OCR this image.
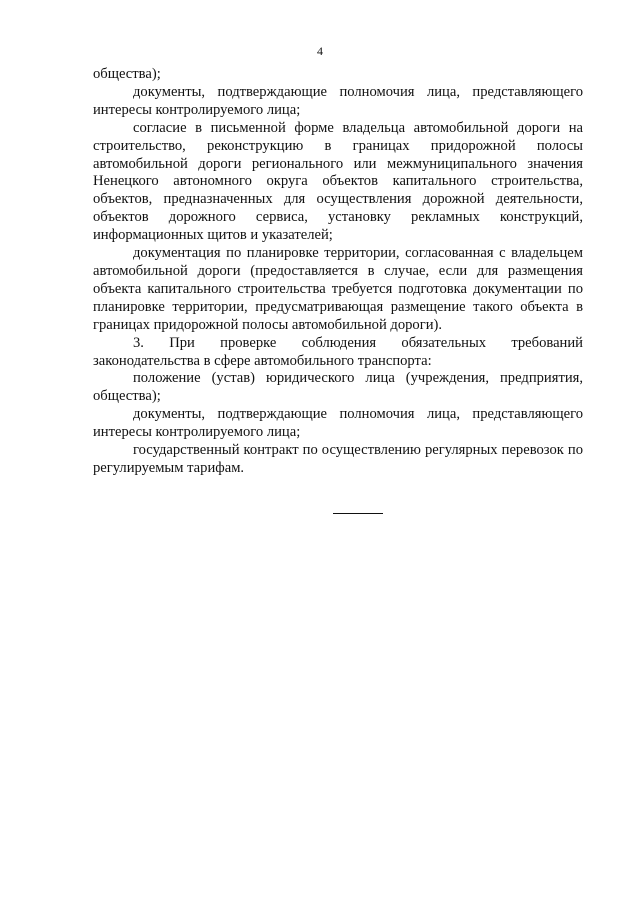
4

общества);

документы, подтверждающие полномочия лица, представляющего интересы контролируемого лица;

согласие в письменной форме владельца автомобильной дороги на строительство, реконструкцию в границах придорожной полосы автомобильной дороги регионального или межмуниципального значения Ненецкого автономного округа объектов капитального строительства, объектов, предназначенных для осуществления дорожной деятельности, объектов дорожного сервиса, установку рекламных конструкций, информационных щитов и указателей;

документация по планировке территории, согласованная с владельцем автомобильной дороги (предоставляется в случае, если для размещения объекта капитального строительства требуется подготовка документации по планировке территории, предусматривающая размещение такого объекта в границах придорожной полосы автомобильной дороги).

3. При проверке соблюдения обязательных требований законодательства в сфере автомобильного транспорта:

положение (устав) юридического лица (учреждения, предприятия, общества);

документы, подтверждающие полномочия лица, представляющего интересы контролируемого лица;

государственный контракт по осуществлению регулярных перевозок по регулируемым тарифам.
